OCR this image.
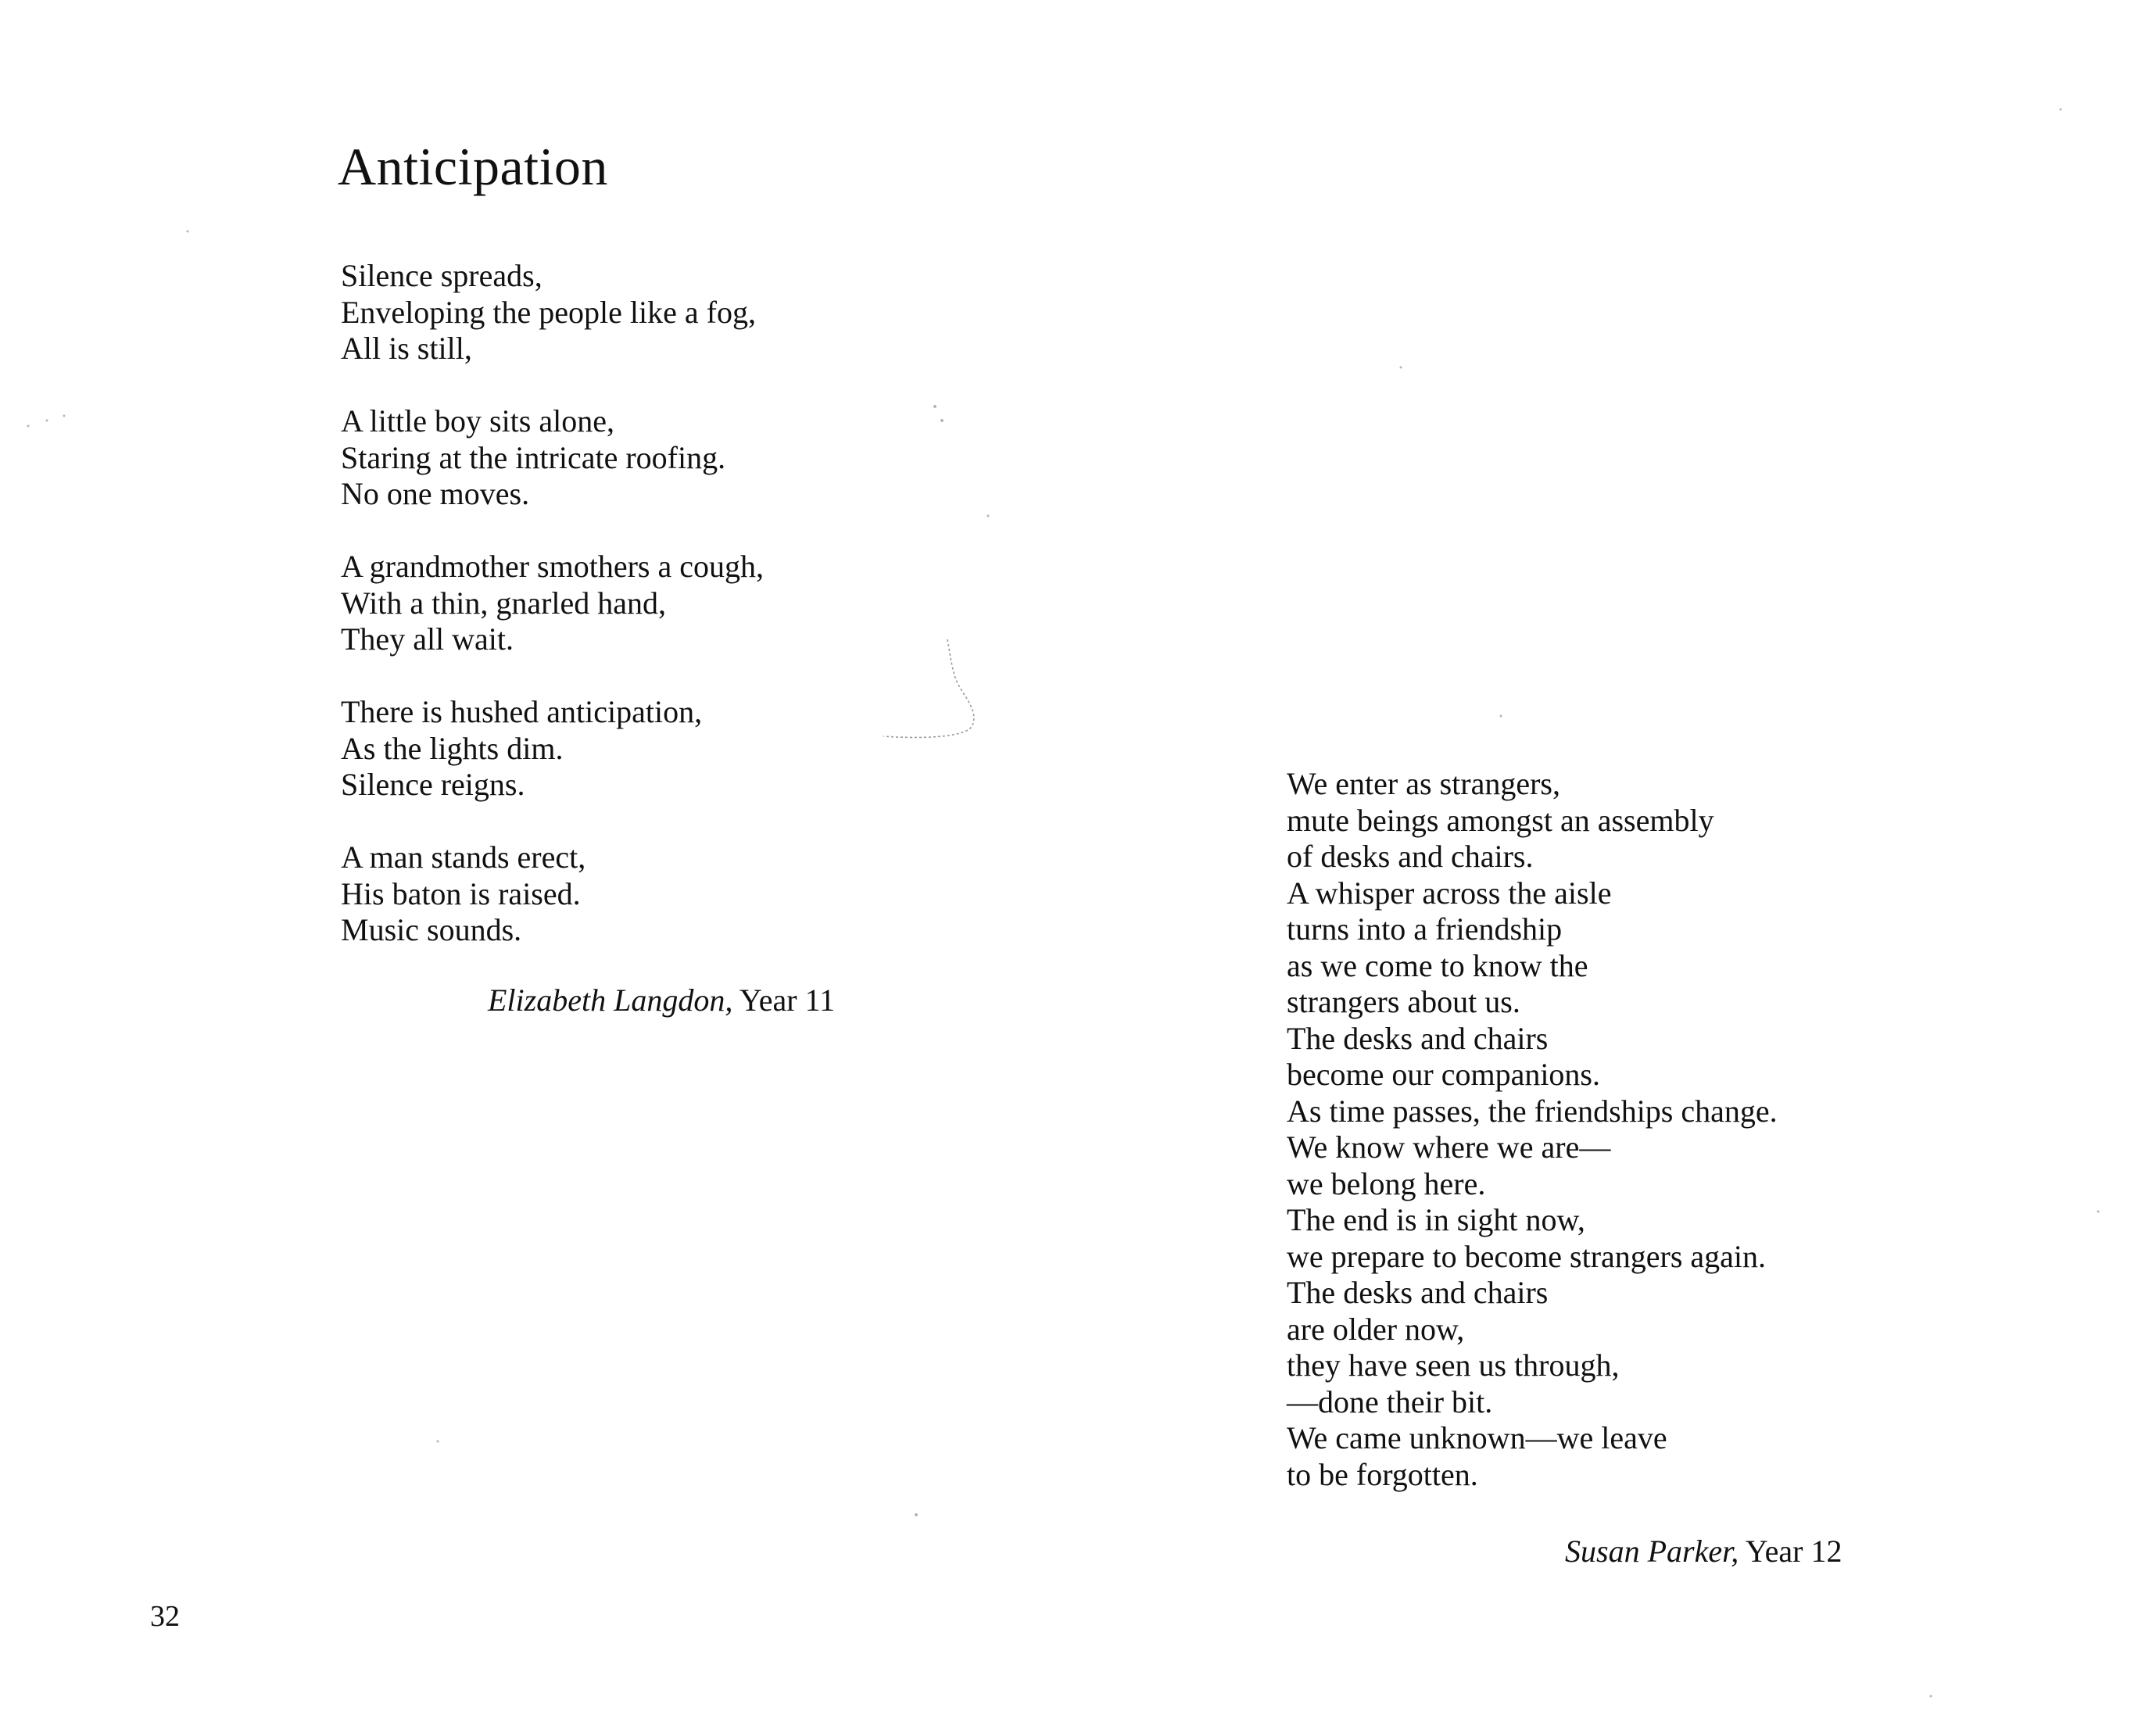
Anticipation
Silence spreads,
Enveloping the people like a fog,
All is still,
A little boy sits alone,
Staring at the intricate roofing.
No one moves.
A grandmother smothers a cough,
With a thin, gnarled hand,
They all wait.
There is hushed anticipation,
As the lights dim.
Silence reigns.
A man stands erect,
His baton is raised.
Music sounds.
Elizabeth Langdon, Year 11
We enter as strangers,
mute beings amongst an assembly
of desks and chairs.
A whisper across the aisle
turns into a friendship
as we come to know the
strangers about us.
The desks and chairs
become our companions.
As time passes, the friendships change.
We know where we are—
we belong here.
The end is in sight now,
we prepare to become strangers again.
The desks and chairs
are older now,
they have seen us through,
—done their bit.
We came unknown—we leave
to be forgotten.
Susan Parker, Year 12
32
